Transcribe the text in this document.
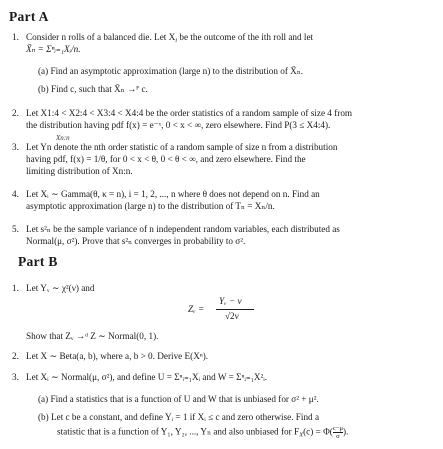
Part A
1. Consider n rolls of a balanced die. Let $X_i$ be the outcome of the ith roll and let
X̄ₙ = Σⁿᵢ₌₁Xᵢ/n.
(a) Find an asymptotic approximation (large n) to the distribution of X̄ₙ.
(b) Find c, such that X̄ₙ →ᴾ c.
2. Let X1:4 < X2:4 < X3:4 < X4:4 be the order statistics of a random sample of size 4 from
the distribution having pdf f(x) = e⁻ˣ, 0 < x < ∞, zero elsewhere. Find P(3 ≤ X4:4).
3.
Xn:n
Let Yn denote the nth order statistic of a random sample of size n from a distribution
having pdf, f(x) = 1/θ, for 0 < x < θ, 0 < θ < ∞, and zero elsewhere. Find the
limiting distribution of Xn:n.
4. Let Xᵢ ∼ Gamma(θ, κ = n), i = 1, 2, ..., n where θ does not depend on n. Find an
asymptotic approximation (large n) to the distribution of Tₙ = Xₙ/n.
5. Let s²ₙ be the sample variance of n independent random variables, each distributed as
Normal(μ, σ²). Prove that s²ₙ converges in probability to σ².
Part B
1. Let Yᵥ ∼ χ²(ν) and
Zᵥ =
Yᵥ − ν
√2ν
Show that Zᵥ →ᵈ Z ∼ Normal(0, 1).
2. Let X ∼ Beta(a, b), where a, b > 0. Derive E(Xⁿ).
3. Let Xᵢ ∼ Normal(μ, σ²), and define U = Σⁿᵢ₌₁Xᵢ and W = Σⁿᵢ₌₁X²ᵢ.
(a) Find a statistics that is a function of U and W that is unbiased for σ² + μ².
(b) Let c be a constant, and define Yᵢ = 1 if Xᵢ ≤ c and zero otherwise. Find a
statistic that is a function of Y₁, Y₂, ..., Yₙ and also unbiased for $F_X(c) = \Phi( \frac{c-\mu}{\sigma}$ ).
